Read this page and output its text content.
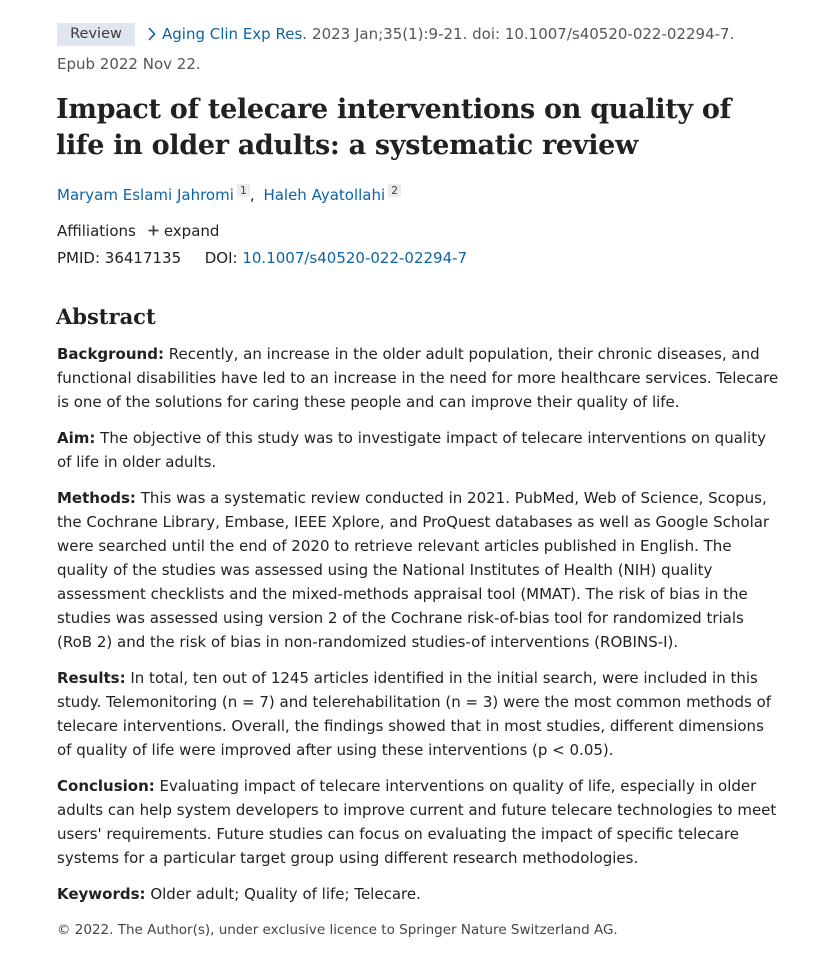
Review	Aging Clin Exp Res. 2023 Jan;35(1):9-21. doi: 10.1007/s40520-022-02294-7.
Epub 2022 Nov 22.
Impact of telecare interventions on quality of life in older adults: a systematic review
Maryam Eslami Jahromi 1 , Haleh Ayatollahi 2
Affiliations expand
PMID: 36417135 DOI: 10.1007/s40520-022-02294-7
Abstract

Background: Recently, an increase in the older adult population, their chronic diseases, and functional disabilities have led to an increase in the need for more healthcare services. Telecare is one of the solutions for caring these people and can improve their quality of life.

Aim: The objective of this study was to investigate impact of telecare interventions on quality of life in older adults.

Methods: This was a systematic review conducted in 2021. PubMed, Web of Science, Scopus, the Cochrane Library, Embase, IEEE Xplore, and ProQuest databases as well as Google Scholar were searched until the end of 2020 to retrieve relevant articles published in English. The quality of the studies was assessed using the National Institutes of Health (NIH) quality assessment checklists and the mixed-methods appraisal tool (MMAT). The risk of bias in the studies was assessed using version 2 of the Cochrane risk-of-bias tool for randomized trials (RoB 2) and the risk of bias in non-randomized studies-of interventions (ROBINS-I).

Results: In total, ten out of 1245 articles identified in the initial search, were included in this study. Telemonitoring (n = 7) and telerehabilitation (n = 3) were the most common methods of telecare interventions. Overall, the findings showed that in most studies, different dimensions of quality of life were improved after using these interventions (p < 0.05).

Conclusion: Evaluating impact of telecare interventions on quality of life, especially in older adults can help system developers to improve current and future telecare technologies to meet users' requirements. Future studies can focus on evaluating the impact of specific telecare systems for a particular target group using different research methodologies.

Keywords: Older adult; Quality of life; Telecare.
© 2022. The Author(s), under exclusive licence to Springer Nature Switzerland AG.
